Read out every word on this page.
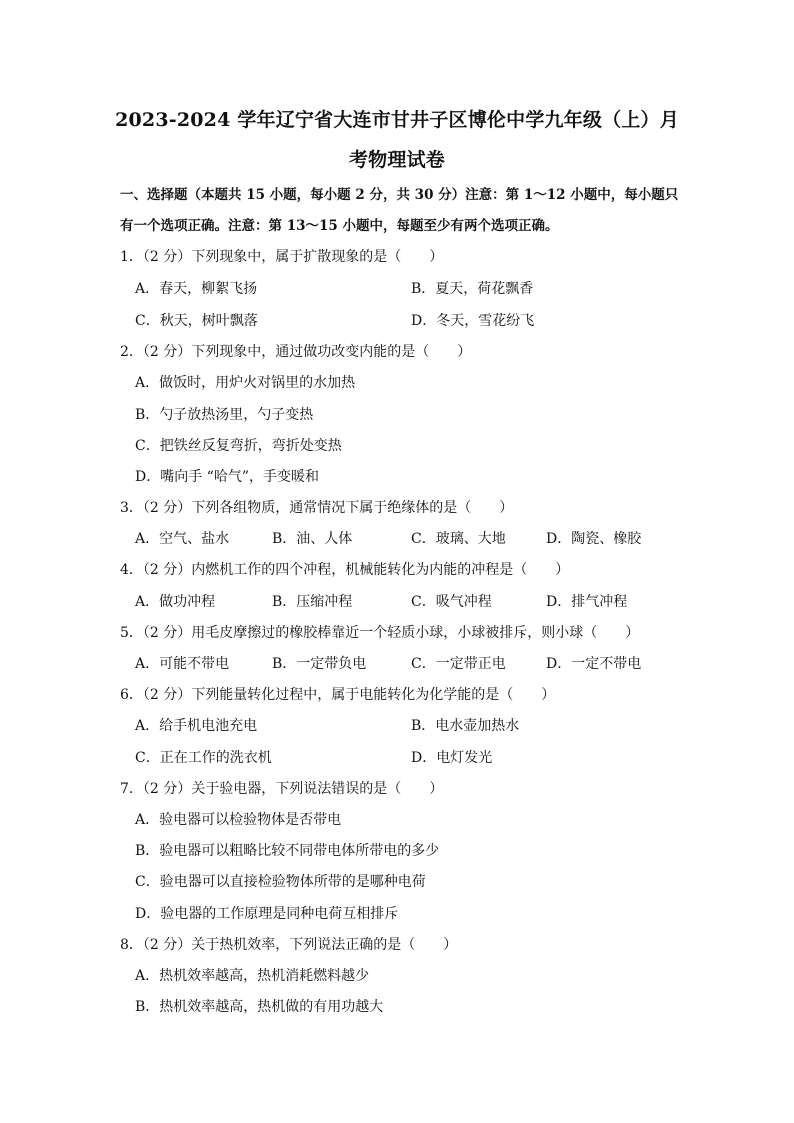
2023-2024 学年辽宁省大连市甘井子区博伦中学九年级（上）月
考物理试卷
一、选择题（本题共 15 小题，每小题 2 分，共 30 分）注意：第 1～12 小题中，每小题只有一个选项正确。注意：第 13～15 小题中，每题至少有两个选项正确。
1．（2 分）下列现象中，属于扩散现象的是（　　）
A．春天，柳絮飞扬	B．夏天，荷花飘香
C．秋天，树叶飘落	D．冬天，雪花纷飞
2．（2 分）下列现象中，通过做功改变内能的是（　　）
A．做饭时，用炉火对锅里的水加热
B．勺子放热汤里，勺子变热
C．把铁丝反复弯折，弯折处变热
D．嘴向手 “哈气”，手变暖和
3．（2 分）下列各组物质，通常情况下属于绝缘体的是（　　）
A．空气、盐水	B．油、人体	C．玻璃、大地	D．陶瓷、橡胶
4．（2 分）内燃机工作的四个冲程，机械能转化为内能的冲程是（　　）
A．做功冲程	B．压缩冲程	C．吸气冲程	D．排气冲程
5．（2 分）用毛皮摩擦过的橡胶棒靠近一个轻质小球，小球被排斥，则小球（　　）
A．可能不带电	B．一定带负电	C．一定带正电	D．一定不带电
6．（2 分）下列能量转化过程中，属于电能转化为化学能的是（　　）
A．给手机电池充电	B．电水壶加热水
C．正在工作的洗衣机	D．电灯发光
7．（2 分）关于验电器，下列说法错误的是（　　）
A．验电器可以检验物体是否带电
B．验电器可以粗略比较不同带电体所带电的多少
C．验电器可以直接检验物体所带的是哪种电荷
D．验电器的工作原理是同种电荷互相排斥
8．（2 分）关于热机效率，下列说法正确的是（　　）
A．热机效率越高，热机消耗燃料越少
B．热机效率越高，热机做的有用功越大
